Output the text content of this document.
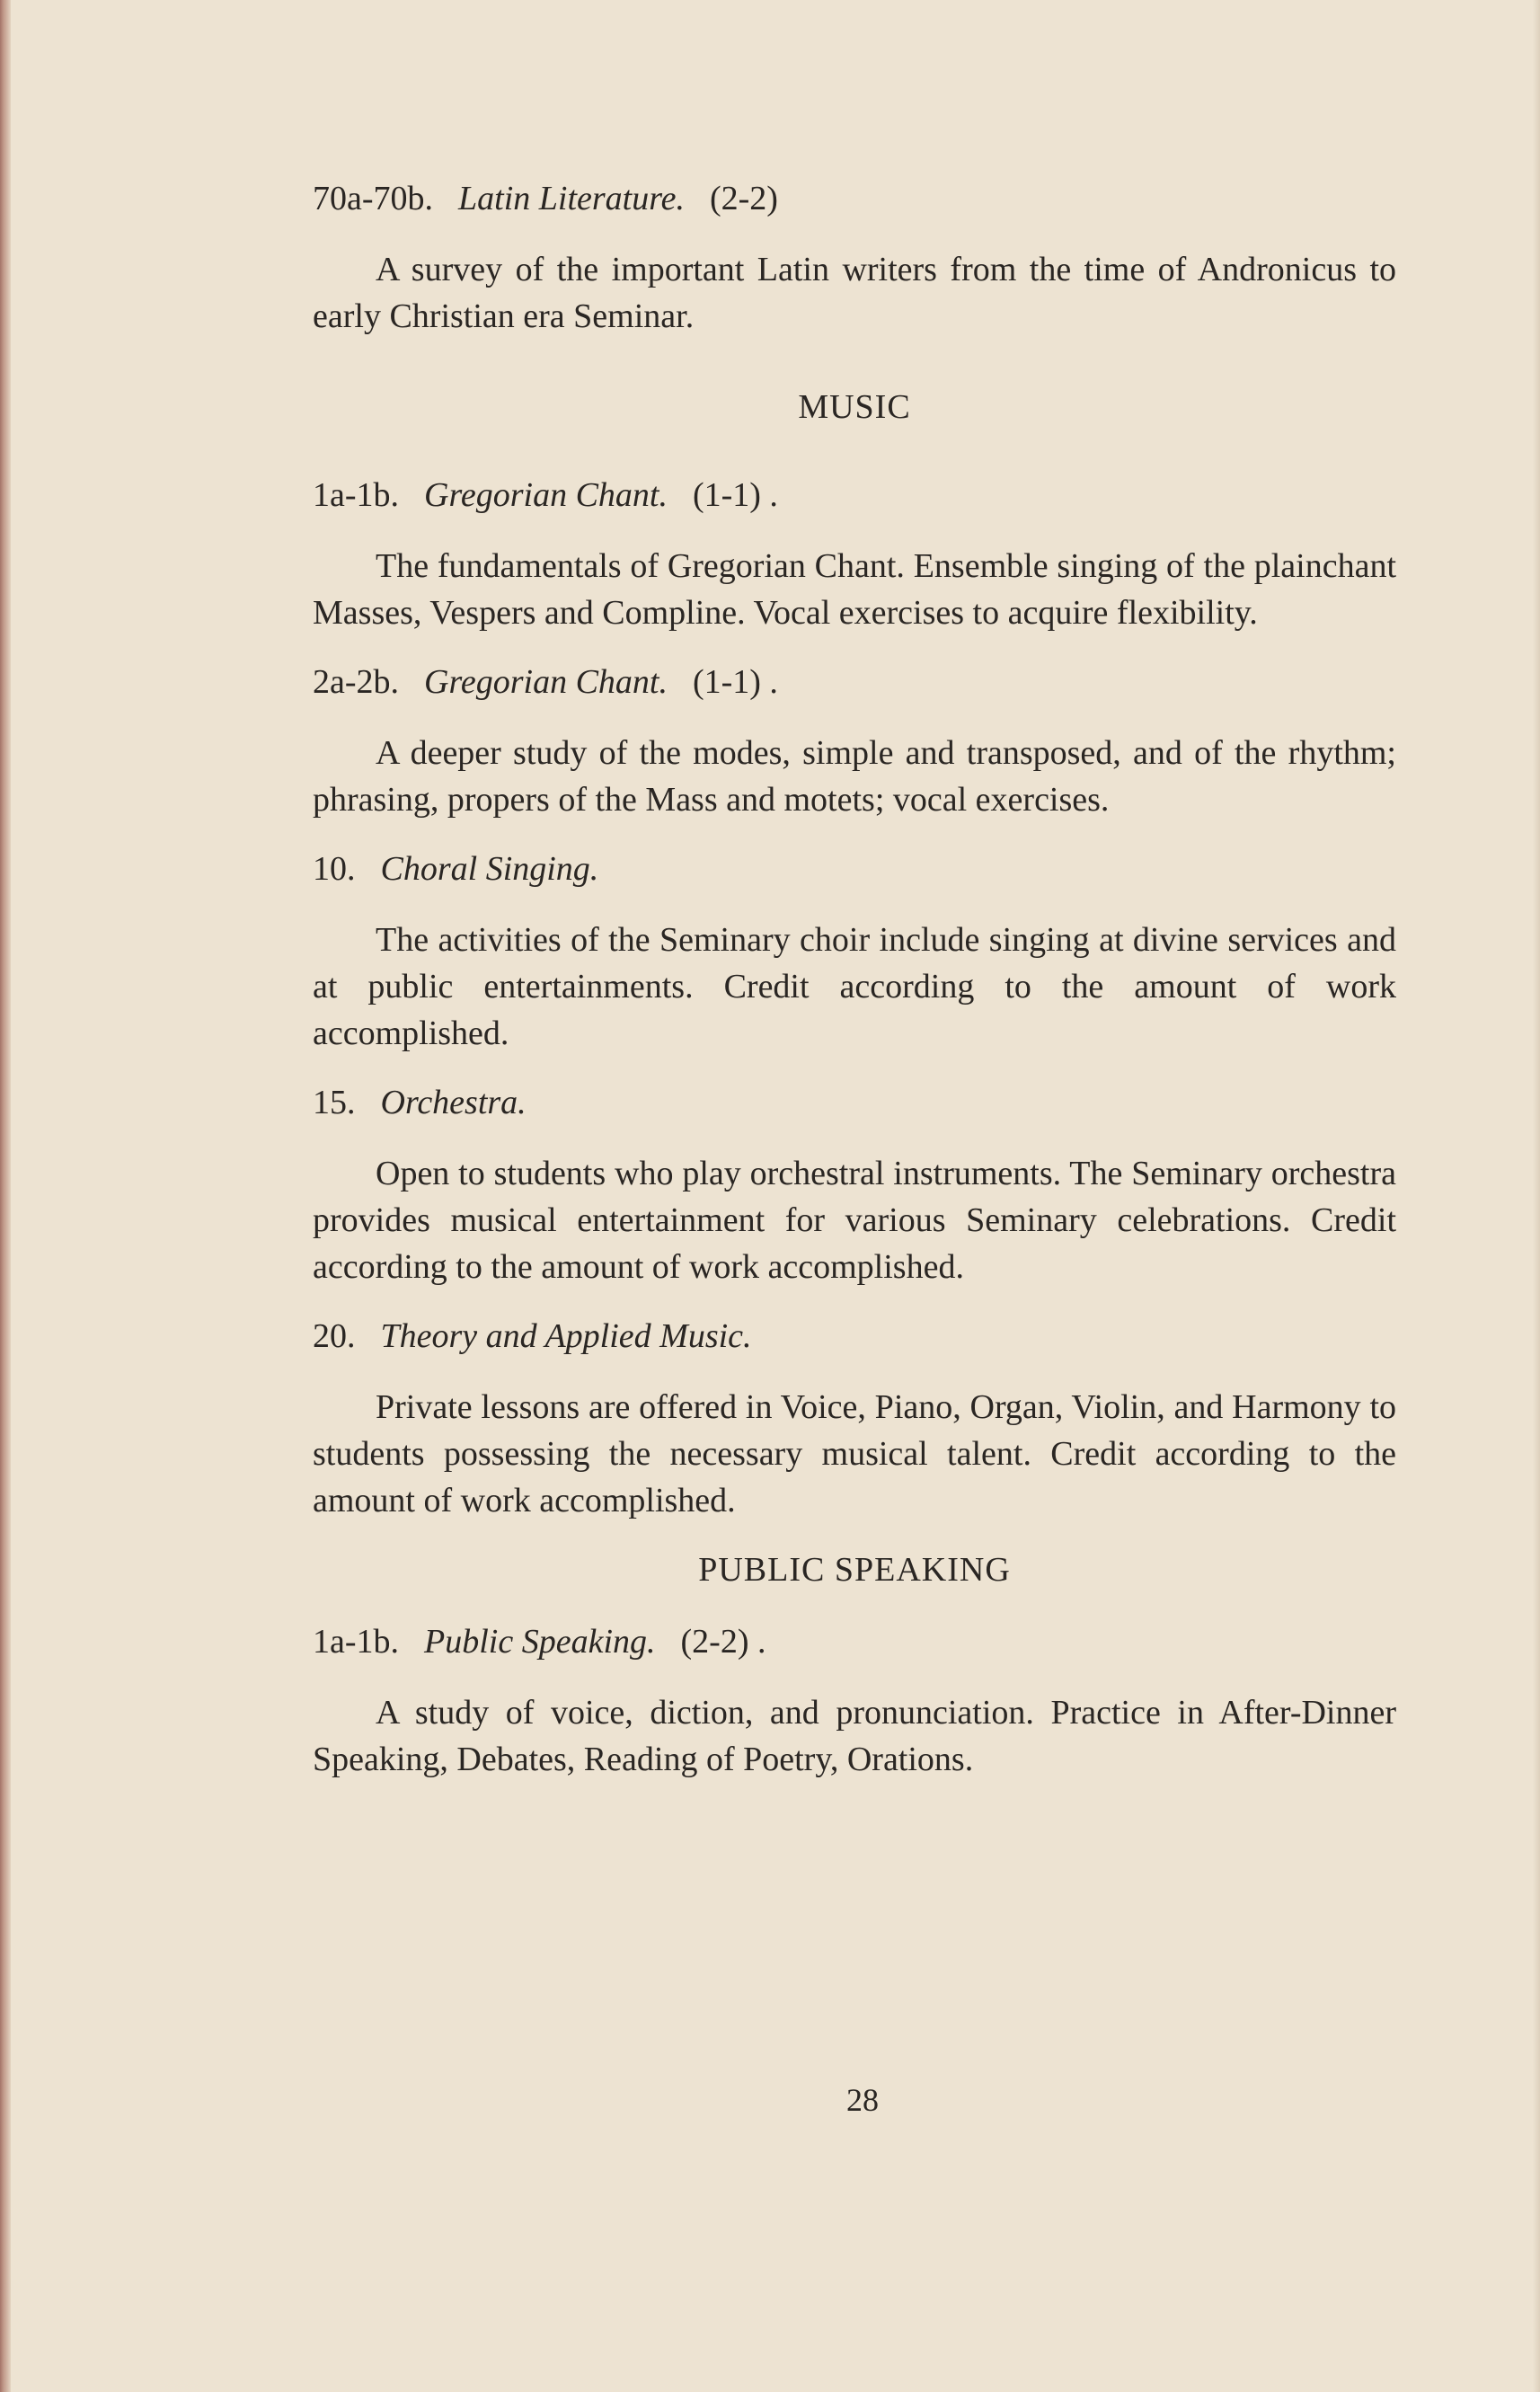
70a-70b. Latin Literature. (2-2)

A survey of the important Latin writers from the time of Andronicus to early Christian era Seminar.

MUSIC

1a-1b. Gregorian Chant. (1-1) .

The fundamentals of Gregorian Chant. Ensemble singing of the plainchant Masses, Vespers and Compline. Vocal exercises to acquire flexibility.

2a-2b. Gregorian Chant. (1-1) .

A deeper study of the modes, simple and transposed, and of the rhythm; phrasing, propers of the Mass and motets; vocal exercises.

10. Choral Singing.

The activities of the Seminary choir include singing at divine services and at public entertainments. Credit according to the amount of work accomplished.

15. Orchestra.

Open to students who play orchestral instruments. The Seminary orchestra provides musical entertainment for various Seminary celebrations. Credit according to the amount of work accomplished.

20. Theory and Applied Music.

Private lessons are offered in Voice, Piano, Organ, Violin, and Harmony to students possessing the necessary musical talent. Credit according to the amount of work accomplished.

PUBLIC SPEAKING

1a-1b. Public Speaking. (2-2) .

A study of voice, diction, and pronunciation. Practice in After-Dinner Speaking, Debates, Reading of Poetry, Orations.

28
